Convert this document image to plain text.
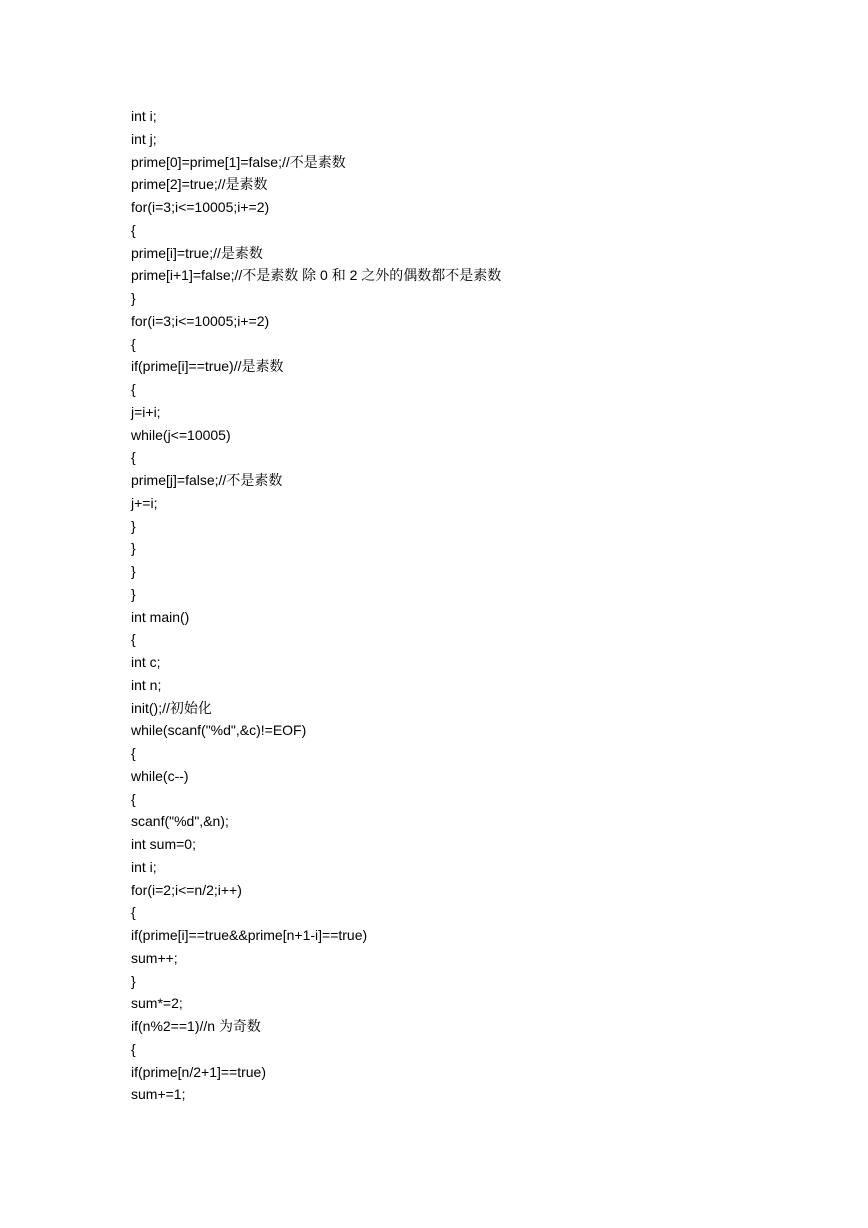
int i;
int j;
prime[0]=prime[1]=false;//不是素数
prime[2]=true;//是素数
for(i=3;i<=10005;i+=2)
{
prime[i]=true;//是素数
prime[i+1]=false;//不是素数 除 0 和 2 之外的偶数都不是素数
}
for(i=3;i<=10005;i+=2)
{
if(prime[i]==true)//是素数
{
j=i+i;
while(j<=10005)
{
prime[j]=false;//不是素数
j+=i;
}
}
}
}
int main()
{
int c;
int n;
init();//初始化
while(scanf("%d",&c)!=EOF)
{
while(c--)
{
scanf("%d",&n);
int sum=0;
int i;
for(i=2;i<=n/2;i++)
{
if(prime[i]==true&&prime[n+1-i]==true)
sum++;
}
sum*=2;
if(n%2==1)//n 为奇数
{
if(prime[n/2+1]==true)
sum+=1;
